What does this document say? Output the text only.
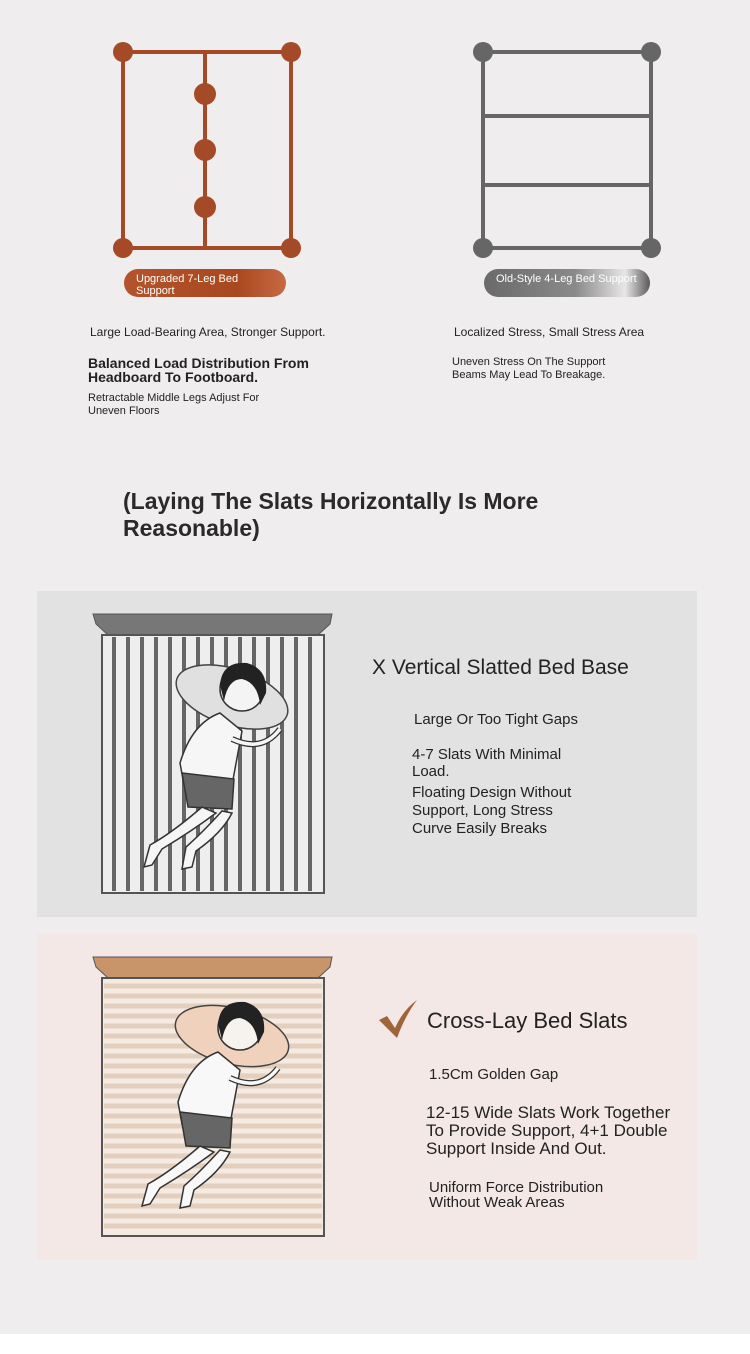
Upgraded 7-Leg Bed Support
Old-Style 4-Leg Bed Support
Large Load-Bearing Area, Stronger Support.
Balanced Load Distribution From Headboard To Footboard.
Retractable Middle Legs Adjust For Uneven Floors
Localized Stress, Small Stress Area
Uneven Stress On The Support Beams May Lead To Breakage.
(Laying The Slats Horizontally Is More Reasonable)
X Vertical Slatted Bed Base
Large Or Too Tight Gaps
4-7 Slats With Minimal Load.
Floating Design Without Support, Long Stress Curve Easily Breaks
Cross-Lay Bed Slats
1.5Cm Golden Gap
12-15 Wide Slats Work Together To Provide Support, 4+1 Double Support Inside And Out.
Uniform Force Distribution Without Weak Areas
